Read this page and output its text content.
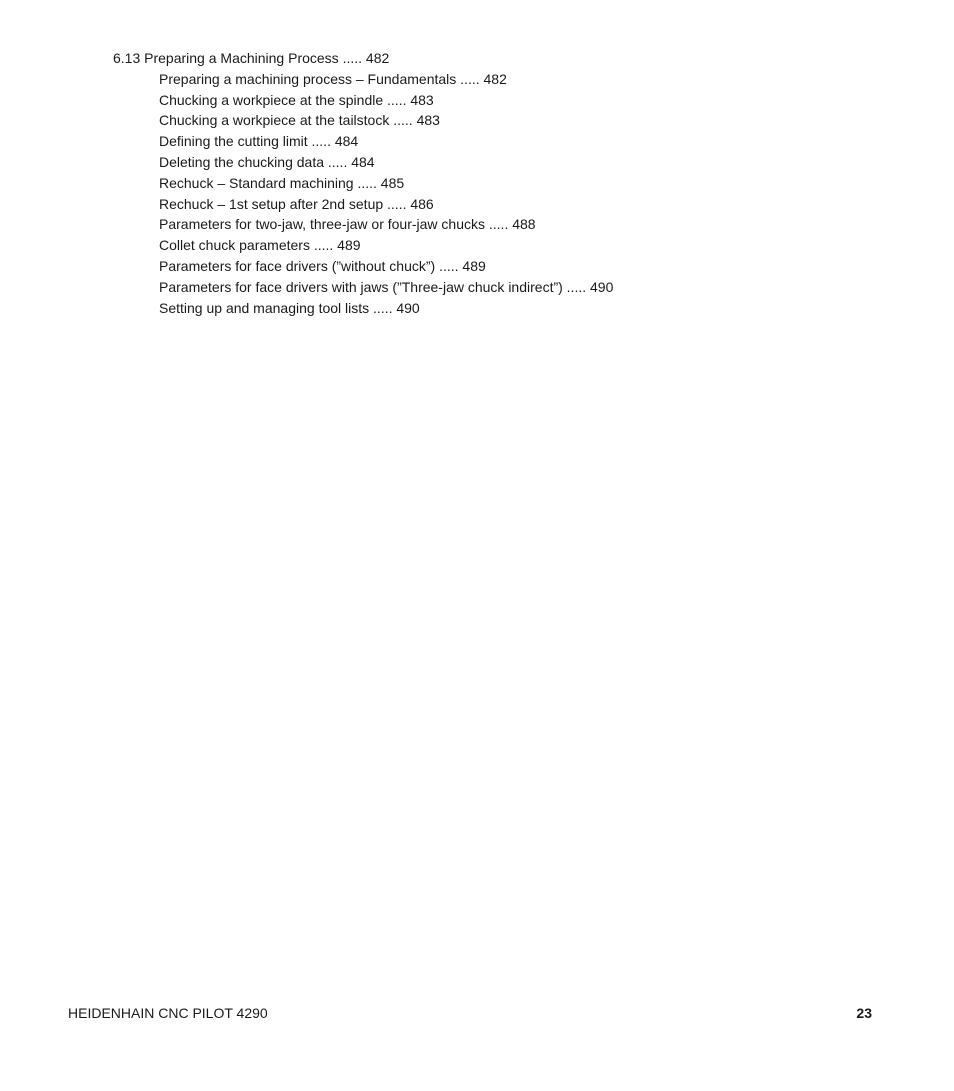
6.13 Preparing a Machining Process ..... 482
Preparing a machining process – Fundamentals ..... 482
Chucking a workpiece at the spindle ..... 483
Chucking a workpiece at the tailstock ..... 483
Defining the cutting limit ..... 484
Deleting the chucking data ..... 484
Rechuck – Standard machining ..... 485
Rechuck – 1st setup after 2nd setup ..... 486
Parameters for two-jaw, three-jaw or four-jaw chucks ..... 488
Collet chuck parameters ..... 489
Parameters for face drivers (”without chuck”) ..... 489
Parameters for face drivers with jaws (”Three-jaw chuck indirect”) ..... 490
Setting up and managing tool lists ..... 490
HEIDENHAIN CNC PILOT 4290	23
